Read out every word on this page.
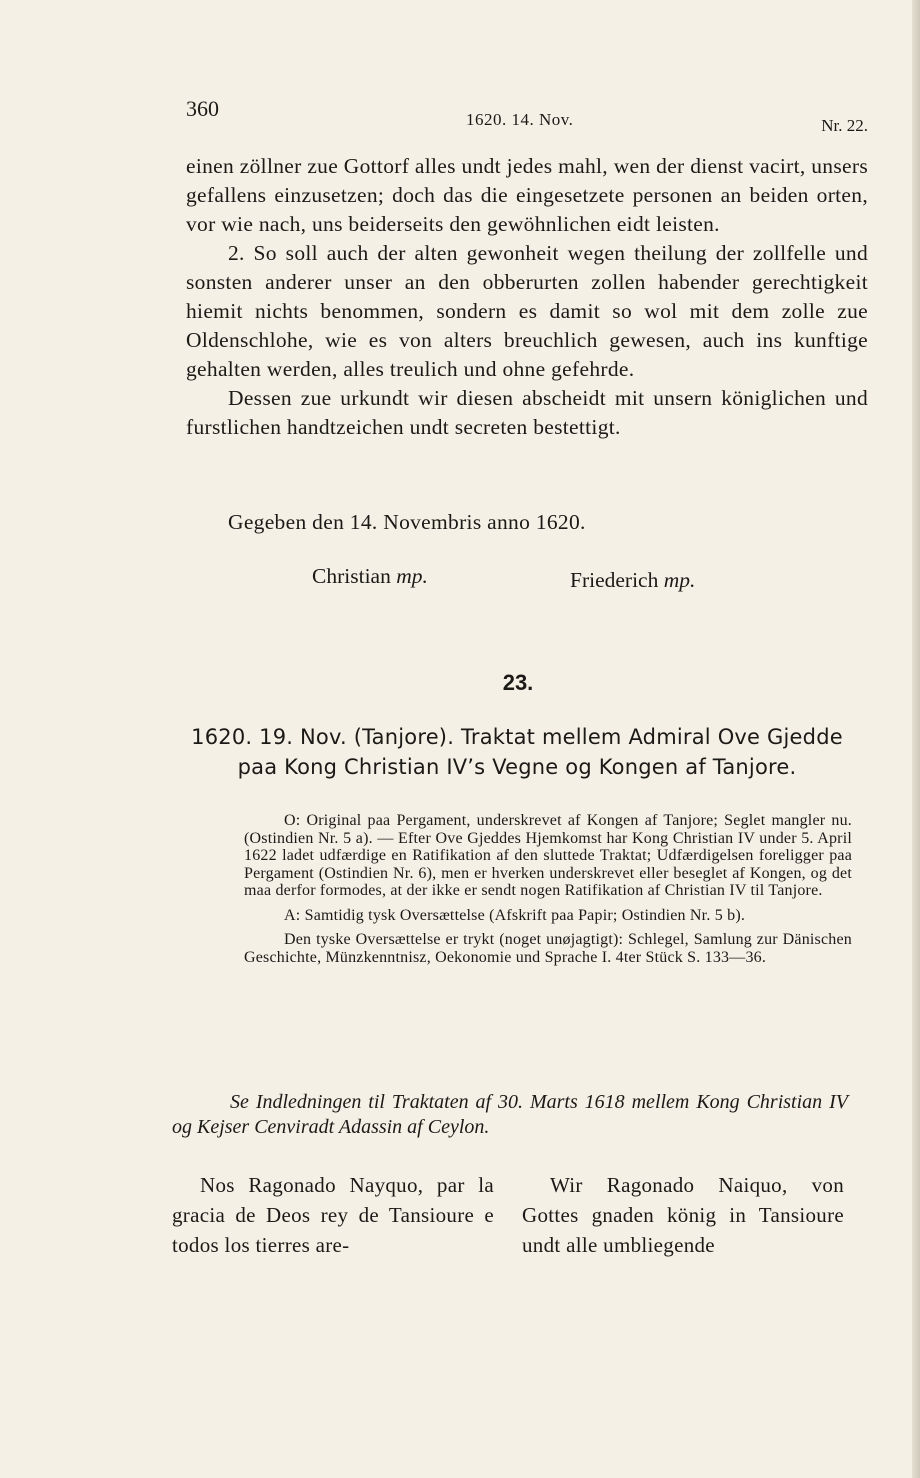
360	1620. 14. Nov.	Nr. 22.

einen zöllner zue Gottorf alles undt jedes mahl, wen der dienst vacirt, unsers gefallens einzusetzen; doch das die eingesetzete personen an beiden orten, vor wie nach, uns beiderseits den gewöhnlichen eidt leisten.

2. So soll auch der alten gewonheit wegen theilung der zollfelle und sonsten anderer unser an den obberurten zollen habender gerechtigkeit hiemit nichts benommen, sondern es damit so wol mit dem zolle zue Oldenschlohe, wie es von alters breuchlich gewesen, auch ins kunftige gehalten werden, alles treulich und ohne gefehrde.

Dessen zue urkundt wir diesen abscheidt mit unsern königlichen und furstlichen handtzeichen undt secreten bestettigt.

Gegeben den 14. Novembris anno 1620.
Christian mp.	Friederich mp.
23.
1620. 19. Nov. (Tanjore). Traktat mellem Admiral Ove Gjedde paa Kong Christian IV’s Vegne og Kongen af Tanjore.

O: Original paa Pergament, underskrevet af Kongen af Tanjore; Seglet mangler nu. (Ostindien Nr. 5 a). — Efter Ove Gjeddes Hjemkomst har Kong Christian IV under 5. April 1622 ladet udfærdige en Ratifikation af den sluttede Traktat; Udfærdigelsen foreligger paa Pergament (Ostindien Nr. 6), men er hverken underskrevet eller beseglet af Kongen, og det maa derfor formodes, at der ikke er sendt nogen Ratifikation af Christian IV til Tanjore.

A: Samtidig tysk Oversættelse (Afskrift paa Papir; Ostindien Nr. 5 b).

Den tyske Oversættelse er trykt (noget unøjagtigt): Schlegel, Samlung zur Dänischen Geschichte, Münzkenntnisz, Oekonomie und Sprache I. 4ter Stück S. 133—36.

Se Indledningen til Traktaten af 30. Marts 1618 mellem Kong Christian IV og Kejser Cenviradt Adassin af Ceylon.

Nos Ragonado Nayquo, par la gracia de Deos rey de Tansioure e todos los tierres are-

Wir Ragonado Naiquo, von Gottes gnaden könig in Tansioure undt alle umbliegende
